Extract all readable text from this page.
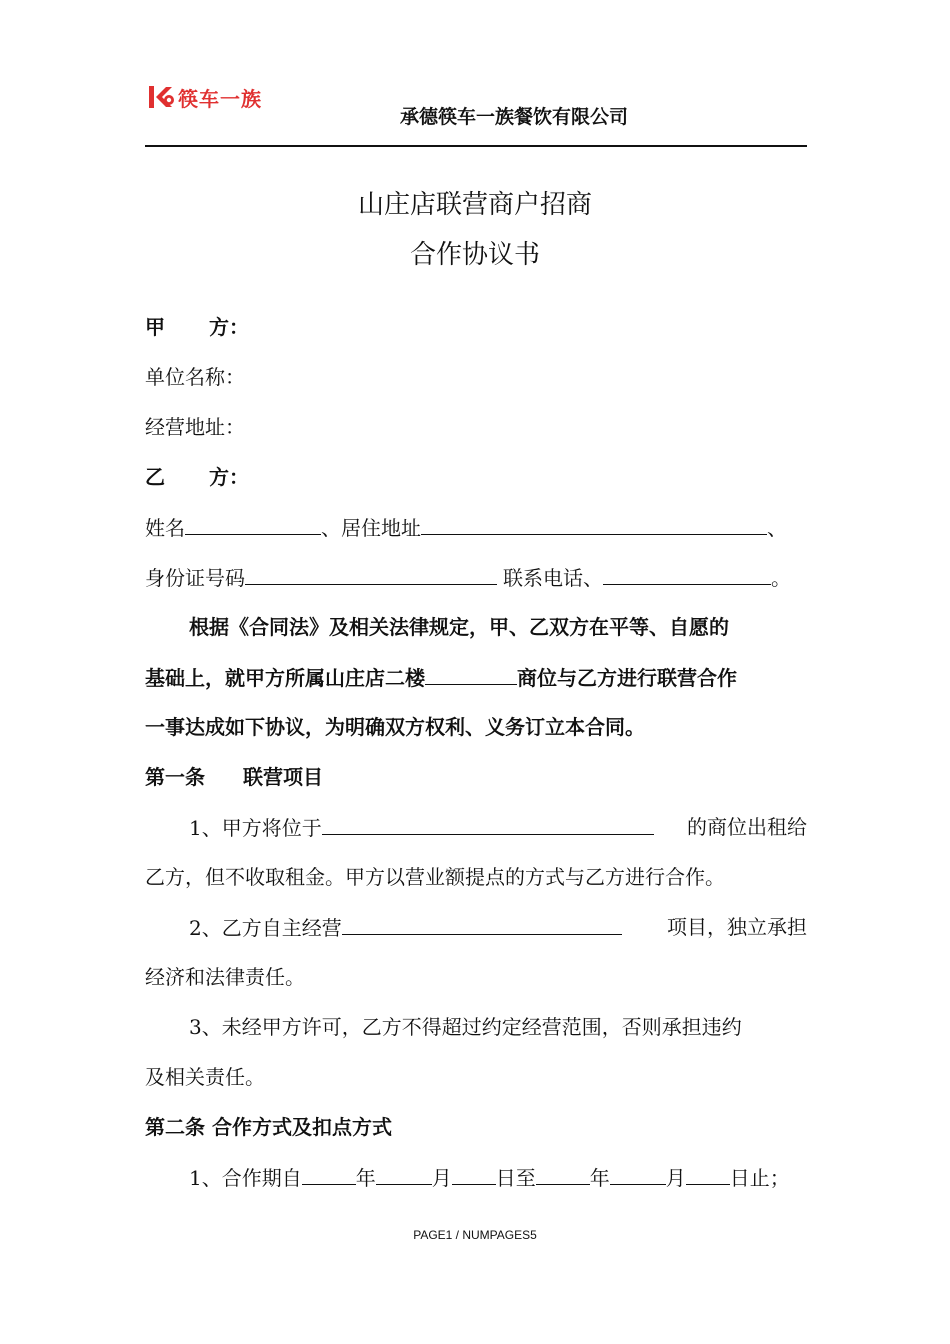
筷车一族
承德筷车一族餐饮有限公司
山庄店联营商户招商
合作协议书
甲 方：
单位名称：
经营地址：
乙 方：
姓名	、居住地址	、
身份证号码	联系电话、	。
根据《合同法》及相关法律规定，甲、乙双方在平等、自愿的
基础上，就甲方所属山庄店二楼	商位与乙方进行联营合作
一事达成如下协议，为明确双方权利、义务订立本合同。
第一条 联营项目
1、甲方将位于	的商位出租给
乙方，但不收取租金。甲方以营业额提点的方式与乙方进行合作。
2、乙方自主经营	项目，独立承担
经济和法律责任。
3、未经甲方许可，乙方不得超过约定经营范围，否则承担违约
及相关责任。
第二条 合作方式及扣点方式
1、合作期自	年	月 日至	年	月 日止；
PAGE1 / NUMPAGES5
